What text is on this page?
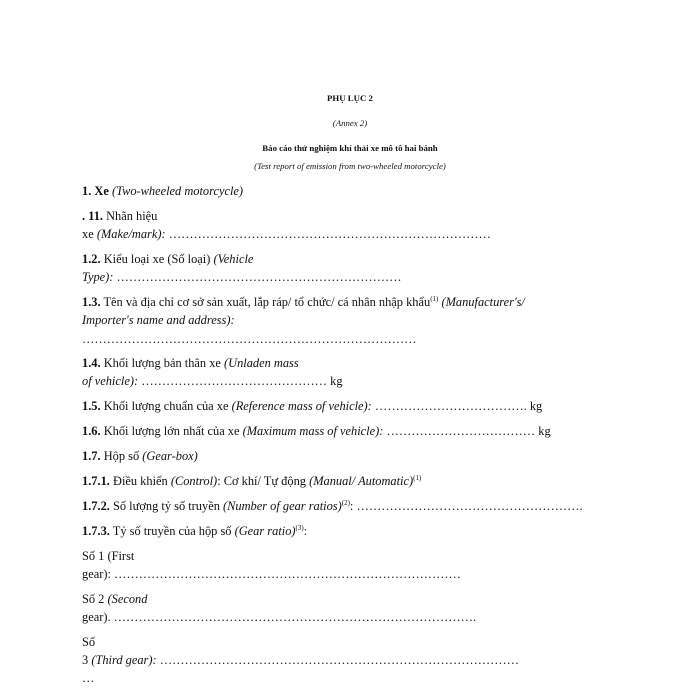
PHỤ LỤC 2
(Annex 2)
Báo cáo thử nghiệm khí thải xe mô tô hai bánh
(Test report of emission from two-wheeled motorcycle)
1. Xe (Two-wheeled motorcycle)
. 11. Nhãn hiệu
xe (Make/mark): ……………………………………………………………………
1.2. Kiểu loại xe (Số loại) (Vehicle
Type): ……………………………………………………………
1.3. Tên và địa chỉ cơ sở sản xuất, lắp ráp/ tổ chức/ cá nhân nhập khẩu$^{(1)}$ (Manufacturer's/
Importer's name and address):
………………………………………………………………………
1.4. Khối lượng bản thân xe (Unladen mass
of vehicle): ……………………………………… kg
1.5. Khối lượng chuẩn của xe (Reference mass of vehicle): ………………………………. kg
1.6. Khối lượng lớn nhất của xe (Maximum mass of vehicle): ……………………………… kg
1.7. Hộp số (Gear-box)
1.7.1. Điều khiển (Control): Cơ khí/ Tự động (Manual/ Automatic)$^{(1)}$
1.7.2. Số lượng tỷ số truyền (Number of gear ratios)$^{(2)}$: ……………………………………………….
1.7.3. Tỷ số truyền của hộp số (Gear ratio)$^{(3)}$:
Số 1 (First
gear): …………………………………………………………………………
Số 2 (Second
gear). …………………………………………………………………………….
Số
3 (Third gear): ……………………………………………………………………………
…
